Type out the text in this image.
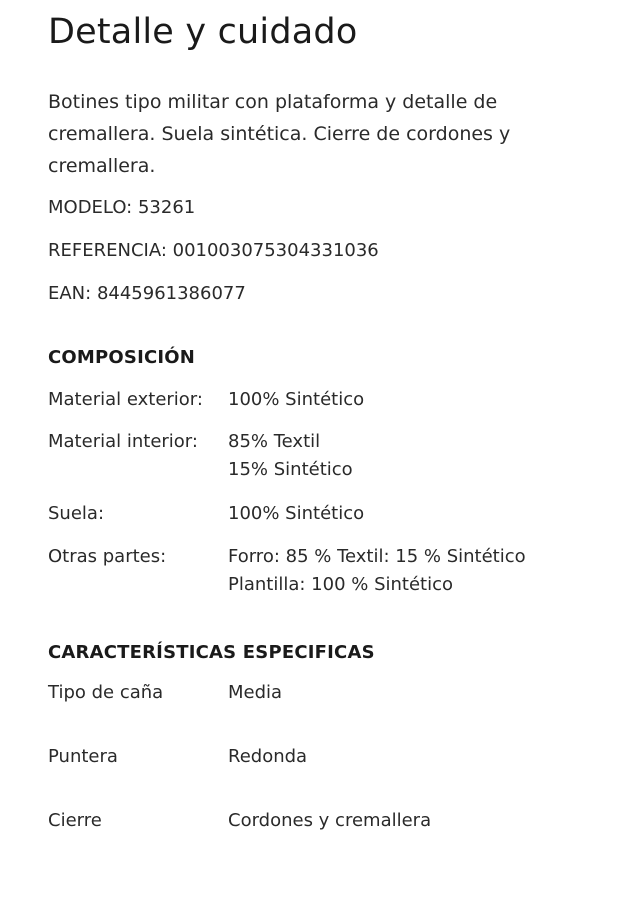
Detalle y cuidado

Botines tipo militar con plataforma y detalle de cremallera. Suela sintética. Cierre de cordones y cremallera.

MODELO: 53261

REFERENCIA: 001003075304331036

EAN: 8445961386077

COMPOSICIÓN
Material exterior:	100% Sintético
Material interior:	85% Textil
15% Sintético
Suela:	100% Sintético
Otras partes:	Forro: 85 % Textil: 15 % Sintético
Plantilla: 100 % Sintético
CARACTERÍSTICAS ESPECIFICAS
Tipo de caña	Media
Puntera	Redonda
Cierre	Cordones y cremallera
